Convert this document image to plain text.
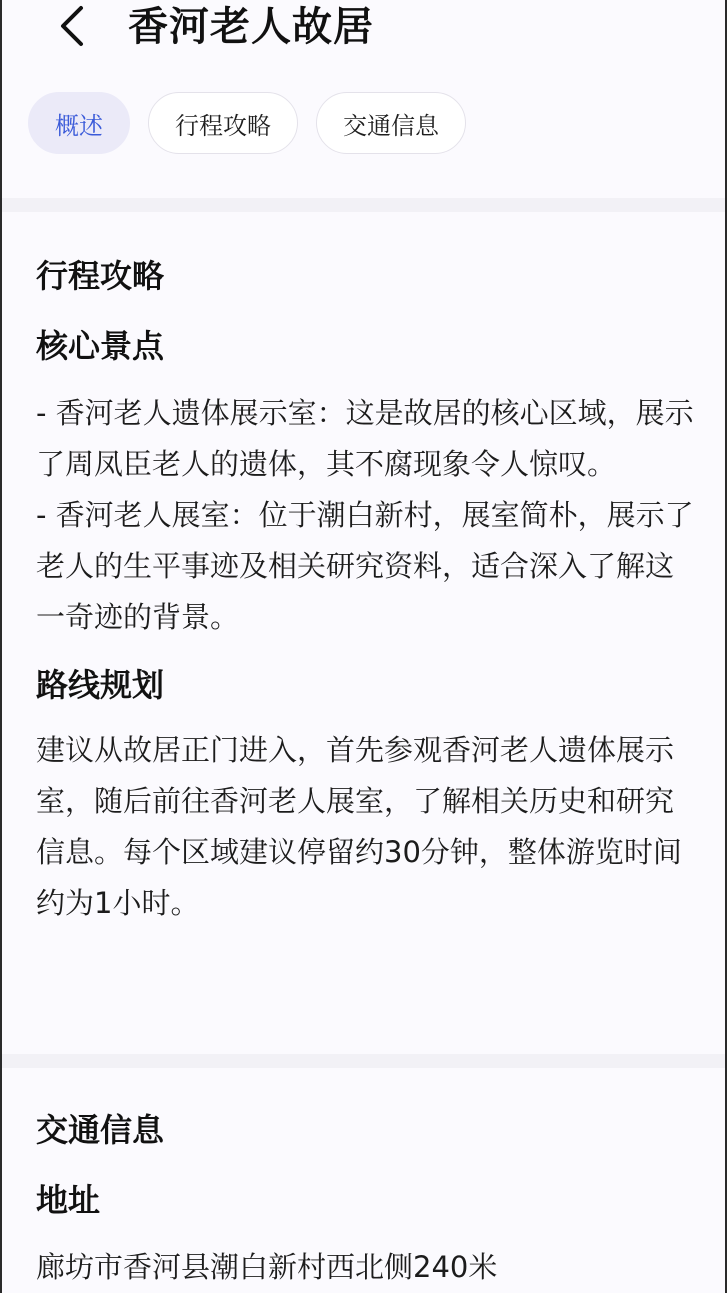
香河老人故居
概述	行程攻略	交通信息
行程攻略
核心景点

- 香河老人遗体展示室：这是故居的核心区域，展示了周凤臣老人的遗体，其不腐现象令人惊叹。

- 香河老人展室：位于潮白新村，展室简朴，展示了老人的生平事迹及相关研究资料，适合深入了解这一奇迹的背景。

路线规划
建议从故居正门进入，首先参观香河老人遗体展示室，随后前往香河老人展室，了解相关历史和研究信息。每个区域建议停留约30分钟，整体游览时间约为1小时。
交通信息
地址
廊坊市香河县潮白新村西北侧240米
